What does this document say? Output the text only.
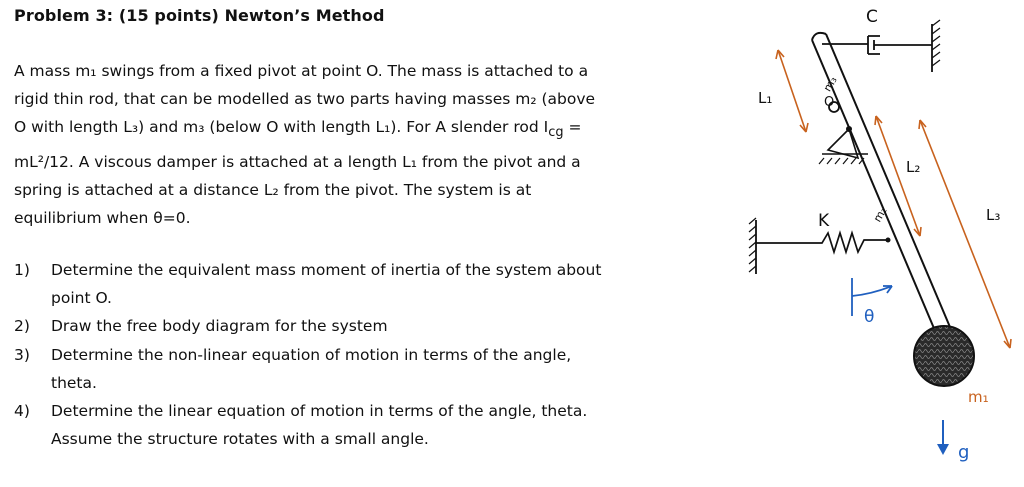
Problem 3: (15 points) Newton’s Method
A mass m₁ swings from a fixed pivot at point O. The mass is attached to a
rigid thin rod, that can be modelled as two parts having masses m₂ (above
O with length L₃) and m₃ (below O with length L₁). For A slender rod $I_{cg}$ =
mL²/12. A viscous damper is attached at a length L₁ from the pivot and a
spring is attached at a distance L₂ from the pivot. The system is at
equilibrium when θ=0.
1) Determine the equivalent mass moment of inertia of the system about
point O.
2) Draw the free body diagram for the system
3) Determine the non-linear equation of motion in terms of the angle,
theta.
4) Determine the linear equation of motion in terms of the angle, theta.
Assume the structure rotates with a small angle.
C
O
K
m₁
m₃
m₂
L₁
L₂
L₃
θ
g
